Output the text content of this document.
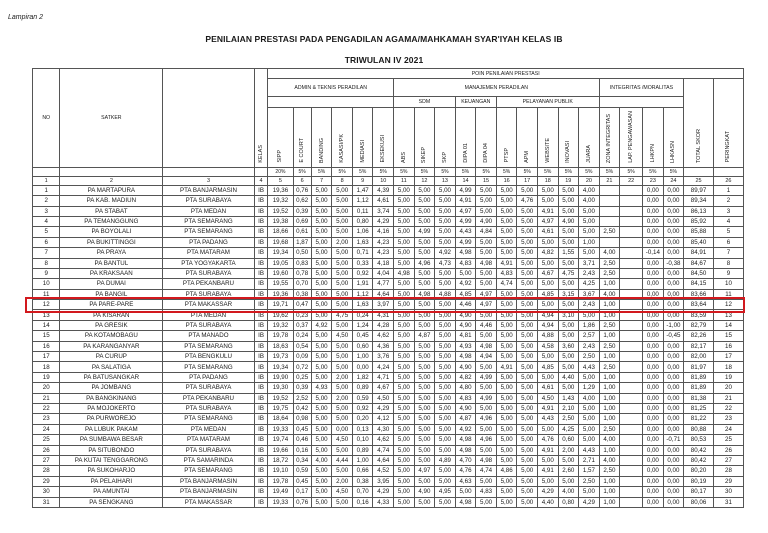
Lampiran 2
PENILAIAN PRESTASI PADA PENGADILAN AGAMA/MAHKAMAH SYAR'IYAH KELAS IB
TRIWULAN IV 2021
NO	SATKER		KELAS	POIN PENILAIAN PRESTASI																					
				ADMIN & TEKNIS PERADILAN						MANAJEMEN PERADILAN										INTEGRITAS /MORALITAS				TOTAL SKOR	PERINGKAT
										SDM			KEUANGAN		PELAYANAN PUBLIK										
				SIPP	E COURT	BANDING	KASASI/PK	MEDIASI	EKSEKUSI	ABS	SIKEP	SKP	DIPA 01	DIPA 04	PTSP	APM	WEBSITE	INOVASI	JUARA	ZONA INTEGRITAS	LAP. PENGAWASAN	LHKPN	LHKASN		
				20%	5%	5%	5%	5%	5%	5%	5%	5%	5%	5%	5%	5%	5%	5%	5%	5%	5%	5%	5%		
1	2	3	4	5	6	7	8	9	10	11	12	13	14	15	16	17	18	19	20	21	22	23	24	25	26
1	PA MARTAPURA	PTA BANJARMASIN	IB	19,36	0,76	5,00	5,00	1,47	4,39	5,00	5,00	5,00	4,99	5,00	5,00	5,00	5,00	5,00	4,00			0,00	0,00	89,97	1
2	PA KAB. MADIUN	PTA SURABAYA	IB	19,32	0,62	5,00	5,00	1,12	4,61	5,00	5,00	5,00	4,91	5,00	5,00	4,76	5,00	5,00	4,00			0,00	0,00	89,34	2
3	PA STABAT	PTA MEDAN	IB	19,52	0,39	5,00	5,00	0,11	3,74	5,00	5,00	5,00	4,97	5,00	5,00	5,00	4,91	5,00	5,00			0,00	0,00	86,13	3
4	PA TEMANGGUNG	PTA SEMARANG	IB	19,38	0,69	5,00	5,00	0,80	4,29	5,00	5,00	5,00	4,99	4,90	5,00	5,00	4,97	4,90	5,00			0,00	0,00	85,92	4
5	PA BOYOLALI	PTA SEMARANG	IB	18,66	0,61	5,00	5,00	1,06	4,16	5,00	4,99	5,00	4,43	4,84	5,00	5,00	4,61	5,00	5,00	2,50		0,00	0,00	85,88	5
6	PA BUKITTINGGI	PTA PADANG	IB	19,68	1,87	5,00	2,00	1,63	4,23	5,00	5,00	5,00	4,99	5,00	5,00	5,00	5,00	5,00	1,00			0,00	0,00	85,40	6
7	PA PRAYA	PTA MATARAM	IB	19,34	0,50	5,00	5,00	0,71	4,23	5,00	5,00	4,92	4,98	5,00	5,00	5,00	4,82	1,55	5,00	4,00		-0,14	0,00	84,91	7
8	PA BANTUL	PTA YOGYAKARTA	IB	19,05	0,83	5,00	5,00	0,33	4,18	5,00	4,96	4,73	4,83	4,98	4,91	5,00	5,00	5,00	3,71	2,50		0,00	-0,38	84,67	8
9	PA KRAKSAAN	PTA SURABAYA	IB	19,60	0,78	5,00	5,00	0,92	4,04	4,98	5,00	5,00	5,00	5,00	4,83	5,00	4,67	4,75	2,43	2,50		0,00	0,00	84,50	9
10	PA DUMAI	PTA PEKANBARU	IB	19,55	0,70	5,00	5,00	1,91	4,77	5,00	5,00	5,00	4,92	5,00	4,74	5,00	5,00	5,00	4,25	1,00		0,00	0,00	84,15	10
11	PA BANGIL	PTA SURABAYA	IB	19,36	0,38	5,00	5,00	1,12	4,64	5,00	4,98	4,88	4,85	4,97	5,00	5,00	4,85	3,15	3,67	4,00		0,00	0,00	83,66	11
12	PA PARE-PARE	PTA MAKASSAR	IB	19,71	0,47	5,00	5,00	1,63	3,97	5,00	5,00	5,00	4,46	4,97	5,00	5,00	5,00	5,00	2,43	1,00		0,00	0,00	83,64	12
13	PA KISARAN	PTA MEDAN	IB	19,62	0,23	5,00	4,75	0,24	4,31	5,00	5,00	5,00	4,90	5,00	5,00	5,00	4,94	3,10	5,00	1,00		0,00	0,00	83,59	13
14	PA GRESIK	PTA SURABAYA	IB	19,32	0,37	4,92	5,00	1,24	4,28	5,00	5,00	5,00	4,90	4,46	5,00	5,00	4,94	5,00	1,86	2,50		0,00	-1,00	82,79	14
15	PA KOTAMOBAGU	PTA MANADO	IB	19,78	0,24	5,00	4,50	0,45	4,62	5,00	4,87	5,00	4,81	5,00	5,00	5,00	4,88	5,00	2,57	1,00		0,00	-0,45	82,26	15
16	PA KARANGANYAR	PTA SEMARANG	IB	18,63	0,54	5,00	5,00	0,60	4,36	5,00	5,00	5,00	4,93	4,98	5,00	5,00	4,58	3,60	2,43	2,50		0,00	0,00	82,17	16
17	PA CURUP	PTA BENGKULU	IB	19,73	0,09	5,00	5,00	1,00	3,76	5,00	5,00	5,00	4,98	4,94	5,00	5,00	5,00	5,00	2,50	1,00		0,00	0,00	82,00	17
18	PA SALATIGA	PTA SEMARANG	IB	19,34	0,72	5,00	5,00	0,00	4,24	5,00	5,00	5,00	4,90	5,00	4,91	5,00	4,85	5,00	4,43	2,50		0,00	0,00	81,97	18
19	PA BATUSANGKAR	PTA PADANG	IB	19,90	0,25	5,00	2,00	1,82	4,71	5,00	5,00	5,00	4,82	4,99	5,00	5,00	5,00	4,40	5,00	1,00		0,00	0,00	81,89	19
20	PA JOMBANG	PTA SURABAYA	IB	19,30	0,39	4,93	5,00	0,89	4,67	5,00	5,00	5,00	4,80	5,00	5,00	5,00	4,61	5,00	1,29	1,00		0,00	0,00	81,89	20
21	PA BANGKINANG	PTA PEKANBARU	IB	19,52	2,52	5,00	2,00	0,59	4,50	5,00	5,00	5,00	4,83	4,99	5,00	5,00	4,50	1,43	4,00	1,00		0,00	0,00	81,38	21
22	PA MOJOKERTO	PTA SURABAYA	IB	19,75	0,42	5,00	5,00	0,92	4,29	5,00	5,00	5,00	4,90	5,00	5,00	5,00	4,91	2,10	5,00	1,00		0,00	0,00	81,25	22
23	PA PURWOREJO	PTA SEMARANG	IB	18,64	0,98	5,00	5,00	0,20	4,12	5,00	5,00	5,00	4,87	4,96	5,00	5,00	4,43	2,50	5,00	1,00		0,00	0,00	81,22	23
24	PA LUBUK PAKAM	PTA MEDAN	IB	19,33	0,45	5,00	0,00	0,13	4,30	5,00	5,00	5,00	4,92	5,00	5,00	5,00	5,00	4,25	5,00	2,50		0,00	0,00	80,88	24
25	PA SUMBAWA BESAR	PTA MATARAM	IB	19,74	0,46	5,00	4,50	0,10	4,62	5,00	5,00	5,00	4,98	4,96	5,00	5,00	4,76	0,60	5,00	4,00		0,00	-0,71	80,53	25
26	PA SITUBONDO	PTA SURABAYA	IB	19,66	0,16	5,00	5,00	0,89	4,74	5,00	5,00	5,00	4,98	5,00	5,00	5,00	4,91	2,00	4,43	1,00		0,00	0,00	80,42	26
27	PA KUTAI TENGGARONG	PTA SAMARINDA	IB	18,72	0,34	4,00	4,44	1,00	4,64	5,00	5,00	4,89	4,70	4,98	5,00	5,00	5,00	5,00	2,71	4,00		0,00	0,00	80,42	27
28	PA SUKOHARJO	PTA SEMARANG	IB	19,10	0,59	5,00	5,00	0,66	4,52	5,00	4,97	5,00	4,76	4,74	4,86	5,00	4,91	2,60	1,57	2,50		0,00	0,00	80,20	28
29	PA PELAIHARI	PTA BANJARMASIN	IB	19,78	0,45	5,00	2,00	0,38	3,95	5,00	5,00	5,00	4,63	5,00	5,00	5,00	5,00	5,00	2,50	1,00		0,00	0,00	80,19	29
30	PA AMUNTAI	PTA BANJARMASIN	IB	19,49	0,17	5,00	4,50	0,70	4,29	5,00	4,90	4,95	5,00	4,83	5,00	5,00	4,29	4,00	5,00	1,00		0,00	0,00	80,17	30
31	PA SENGKANG	PTA MAKASSAR	IB	19,33	0,76	5,00	5,00	0,16	4,33	5,00	5,00	5,00	4,98	5,00	5,00	5,00	4,40	0,80	4,29	1,00		0,00	0,00	80,06	31
